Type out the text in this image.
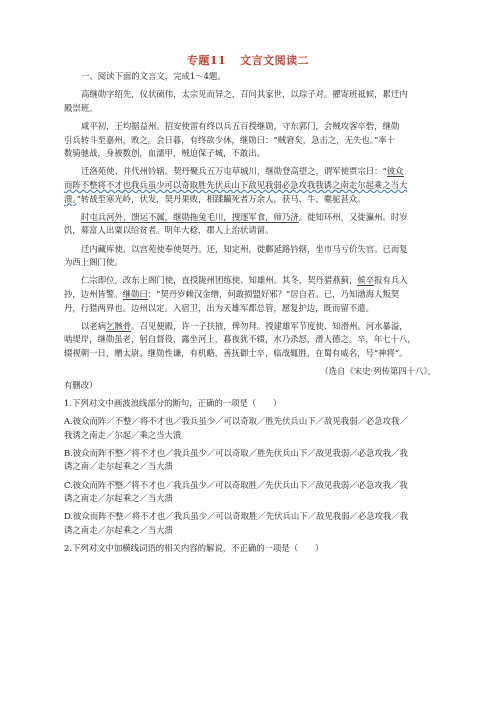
专题11 文言文阅读二
一、阅读下面的文言文，完成1～4题。
高继勋字绍先，仪状硕伟，太宗见而异之，召问其家世，以琮子对。擢寄班祗候，累迁内
殿崇班。
咸平初，王均据益州。招安使雷有终以兵五百授继勋，守东郭门，会贼攻客卒砦，继勋
引兵转斗至嘉州，败之。会日暮，有终欲少休，继勋曰：“贼窘矣，急击之，无失也。”率十
数骑驰战，身被数创，血濡甲，贼迫保子城，不敢出。
迁洛苑使、并代州钤辖。契丹聚兵五万屯草城川，继勋登高望之，谓军使贾宗曰：“彼众
而阵不整将不才也我兵虽少可以奇取胜先伏兵山下敌见我弱必急攻我我诱之南走尔起乘之当大
溃。”转战至寒光岭，伏发，契丹果败，相蹂躏死者万余人，获马、牛、橐驼甚众。
时屯兵河外，馈运不属，继勋拖兔毛川，搜逐军食，师乃济。徙知环州，又徙瀛州。时岁
饥，募富人出粟以给贫者。明年大稔，郡人上治状请留。
迁内藏库使，以宫苑使奉使契丹。还，知定州，徙鄜延路钤辖，坐市马亏价失官。已而复
为西上阁门使。
仁宗即位，改东上阁门使，直授陇州团练使、知雄州。其冬，契丹猎燕蓟，候卒报有兵入
抄，边州皆警。继勋曰：“契丹岁赖汉金缯，何敢损盟好邪？”居自若。已，乃知渤海人叛契
丹，行猎两界也。边州以定。入宿卫，出为天雄军都总管，愿复护边，既而留不遣。
以老病乞骸骨。召见便殿，许一子扶掖，俾勿拜。授建雄军节度使、知滑州。河水暴溢，
啮堤岸，继勋虽老，躬自督役，露坐河上，暮夜犹不辍，水乃杀怒，滑人德之。卒，年七十八，
辍视朝一日，赠太尉。继勋性谦，有机略，善抚御士卒，临战辄胜，在蜀有威名，号“神将”。
（选自《宋史·列传第四十八》，
有删改）
1.下列对文中画波浪线部分的断句，正确的一项是（　　）
A.彼众而阵／不整／将不才也／我兵虽少／可以奇取／胜先伏兵山下／敌见我弱／必急攻我／
我诱之南走／尔起／乘之当大溃
B.彼众而阵不整／将不才也／我兵虽少／可以奇取／胜先伏兵山下／敌见我弱／必急攻我／我
诱之南／走尔起乘之／当大溃
C.彼众而阵不整／将不才也／我兵虽少／可以奇取胜／先伏兵山下／敌见我弱／必急攻我／我
诱之南走／尔起乘之／当大溃
D.彼众而阵不整／将不才也／我兵虽少／可以奇取胜／先伏兵山下／敌见我弱／必急攻我／我
诱之南走／尔起乘之／当大溃
2.下列对文中加横线词语的相关内容的解说，不正确的一项是（　　）
